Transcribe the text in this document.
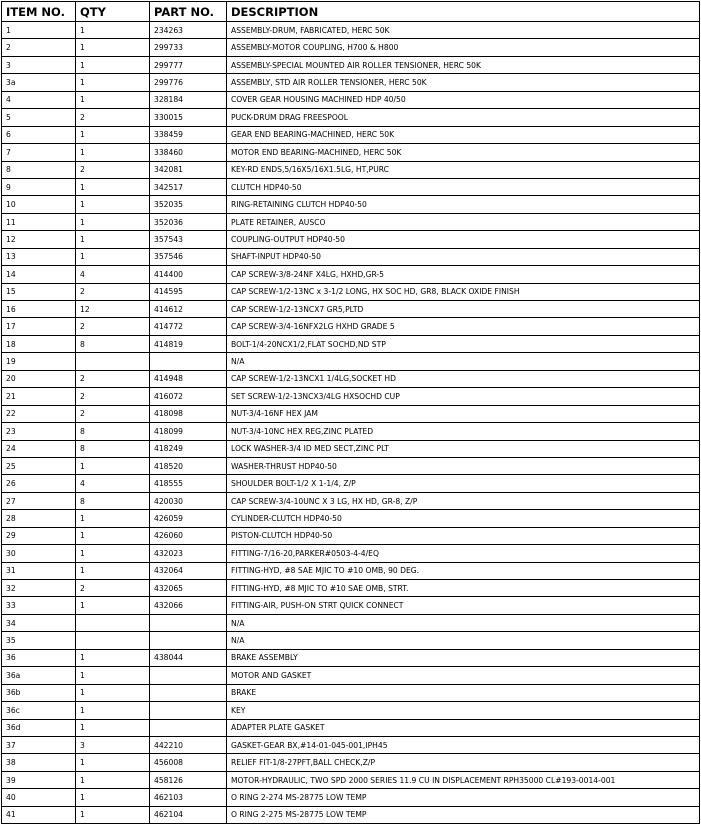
ITEM NO.	QTY	PART NO.	DESCRIPTION
1	1	234263	ASSEMBLY-DRUM, FABRICATED, HERC 50K
2	1	299733	ASSEMBLY-MOTOR COUPLING, H700 & H800
3	1	299777	ASSEMBLY-SPECIAL MOUNTED AIR ROLLER TENSIONER, HERC 50K
3a	1	299776	ASSEMBLY, STD AIR ROLLER TENSIONER, HERC 50K
4	1	328184	COVER GEAR HOUSING MACHINED HDP 40/50
5	2	330015	PUCK-DRUM DRAG FREESPOOL
6	1	338459	GEAR END BEARING-MACHINED, HERC 50K
7	1	338460	MOTOR END BEARING-MACHINED, HERC 50K
8	2	342081	KEY-RD ENDS,5/16X5/16X1.5LG, HT,PURC
9	1	342517	CLUTCH HDP40-50
10	1	352035	RING-RETAINING CLUTCH HDP40-50
11	1	352036	PLATE RETAINER, AUSCO
12	1	357543	COUPLING-OUTPUT HDP40-50
13	1	357546	SHAFT-INPUT HDP40-50
14	4	414400	CAP SCREW-3/8-24NF X4LG, HXHD,GR-5
15	2	414595	CAP SCREW-1/2-13NC x 3-1/2 LONG, HX SOC HD, GR8, BLACK OXIDE FINISH
16	12	414612	CAP SCREW-1/2-13NCX7 GR5,PLTD
17	2	414772	CAP SCREW-3/4-16NFX2LG HXHD GRADE 5
18	8	414819	BOLT-1/4-20NCX1/2,FLAT SOCHD,ND STP
19			N/A
20	2	414948	CAP SCREW-1/2-13NCX1 1/4LG,SOCKET HD
21	2	416072	SET SCREW-1/2-13NCX3/4LG HXSOCHD CUP
22	2	418098	NUT-3/4-16NF HEX JAM
23	8	418099	NUT-3/4-10NC HEX REG,ZINC PLATED
24	8	418249	LOCK WASHER-3/4 ID MED SECT,ZINC PLT
25	1	418520	WASHER-THRUST HDP40-50
26	4	418555	SHOULDER BOLT-1/2 X 1-1/4, Z/P
27	8	420030	CAP SCREW-3/4-10UNC X 3 LG, HX HD, GR-8, Z/P
28	1	426059	CYLINDER-CLUTCH HDP40-50
29	1	426060	PISTON-CLUTCH HDP40-50
30	1	432023	FITTING-7/16-20,PARKER#0503-4-4/EQ
31	1	432064	FITTING-HYD, #8 SAE MJIC TO #10 OMB, 90 DEG.
32	2	432065	FITTING-HYD, #8 MJIC TO #10 SAE OMB, STRT.
33	1	432066	FITTING-AIR, PUSH-ON STRT QUICK CONNECT
34			N/A
35			N/A
36	1	438044	BRAKE ASSEMBLY
36a	1		MOTOR AND GASKET
36b	1		BRAKE
36c	1		KEY
36d	1		ADAPTER PLATE GASKET
37	3	442210	GASKET-GEAR BX,#14-01-045-001,IPH45
38	1	456008	RELIEF FIT-1/8-27PFT,BALL CHECK,Z/P
39	1	458126	MOTOR-HYDRAULIC, TWO SPD 2000 SERIES 11.9 CU IN DISPLACEMENT RPH35000 CL#193-0014-001
40	1	462103	O RING 2-274 MS-28775 LOW TEMP
41	1	462104	O RING 2-275 MS-28775 LOW TEMP
